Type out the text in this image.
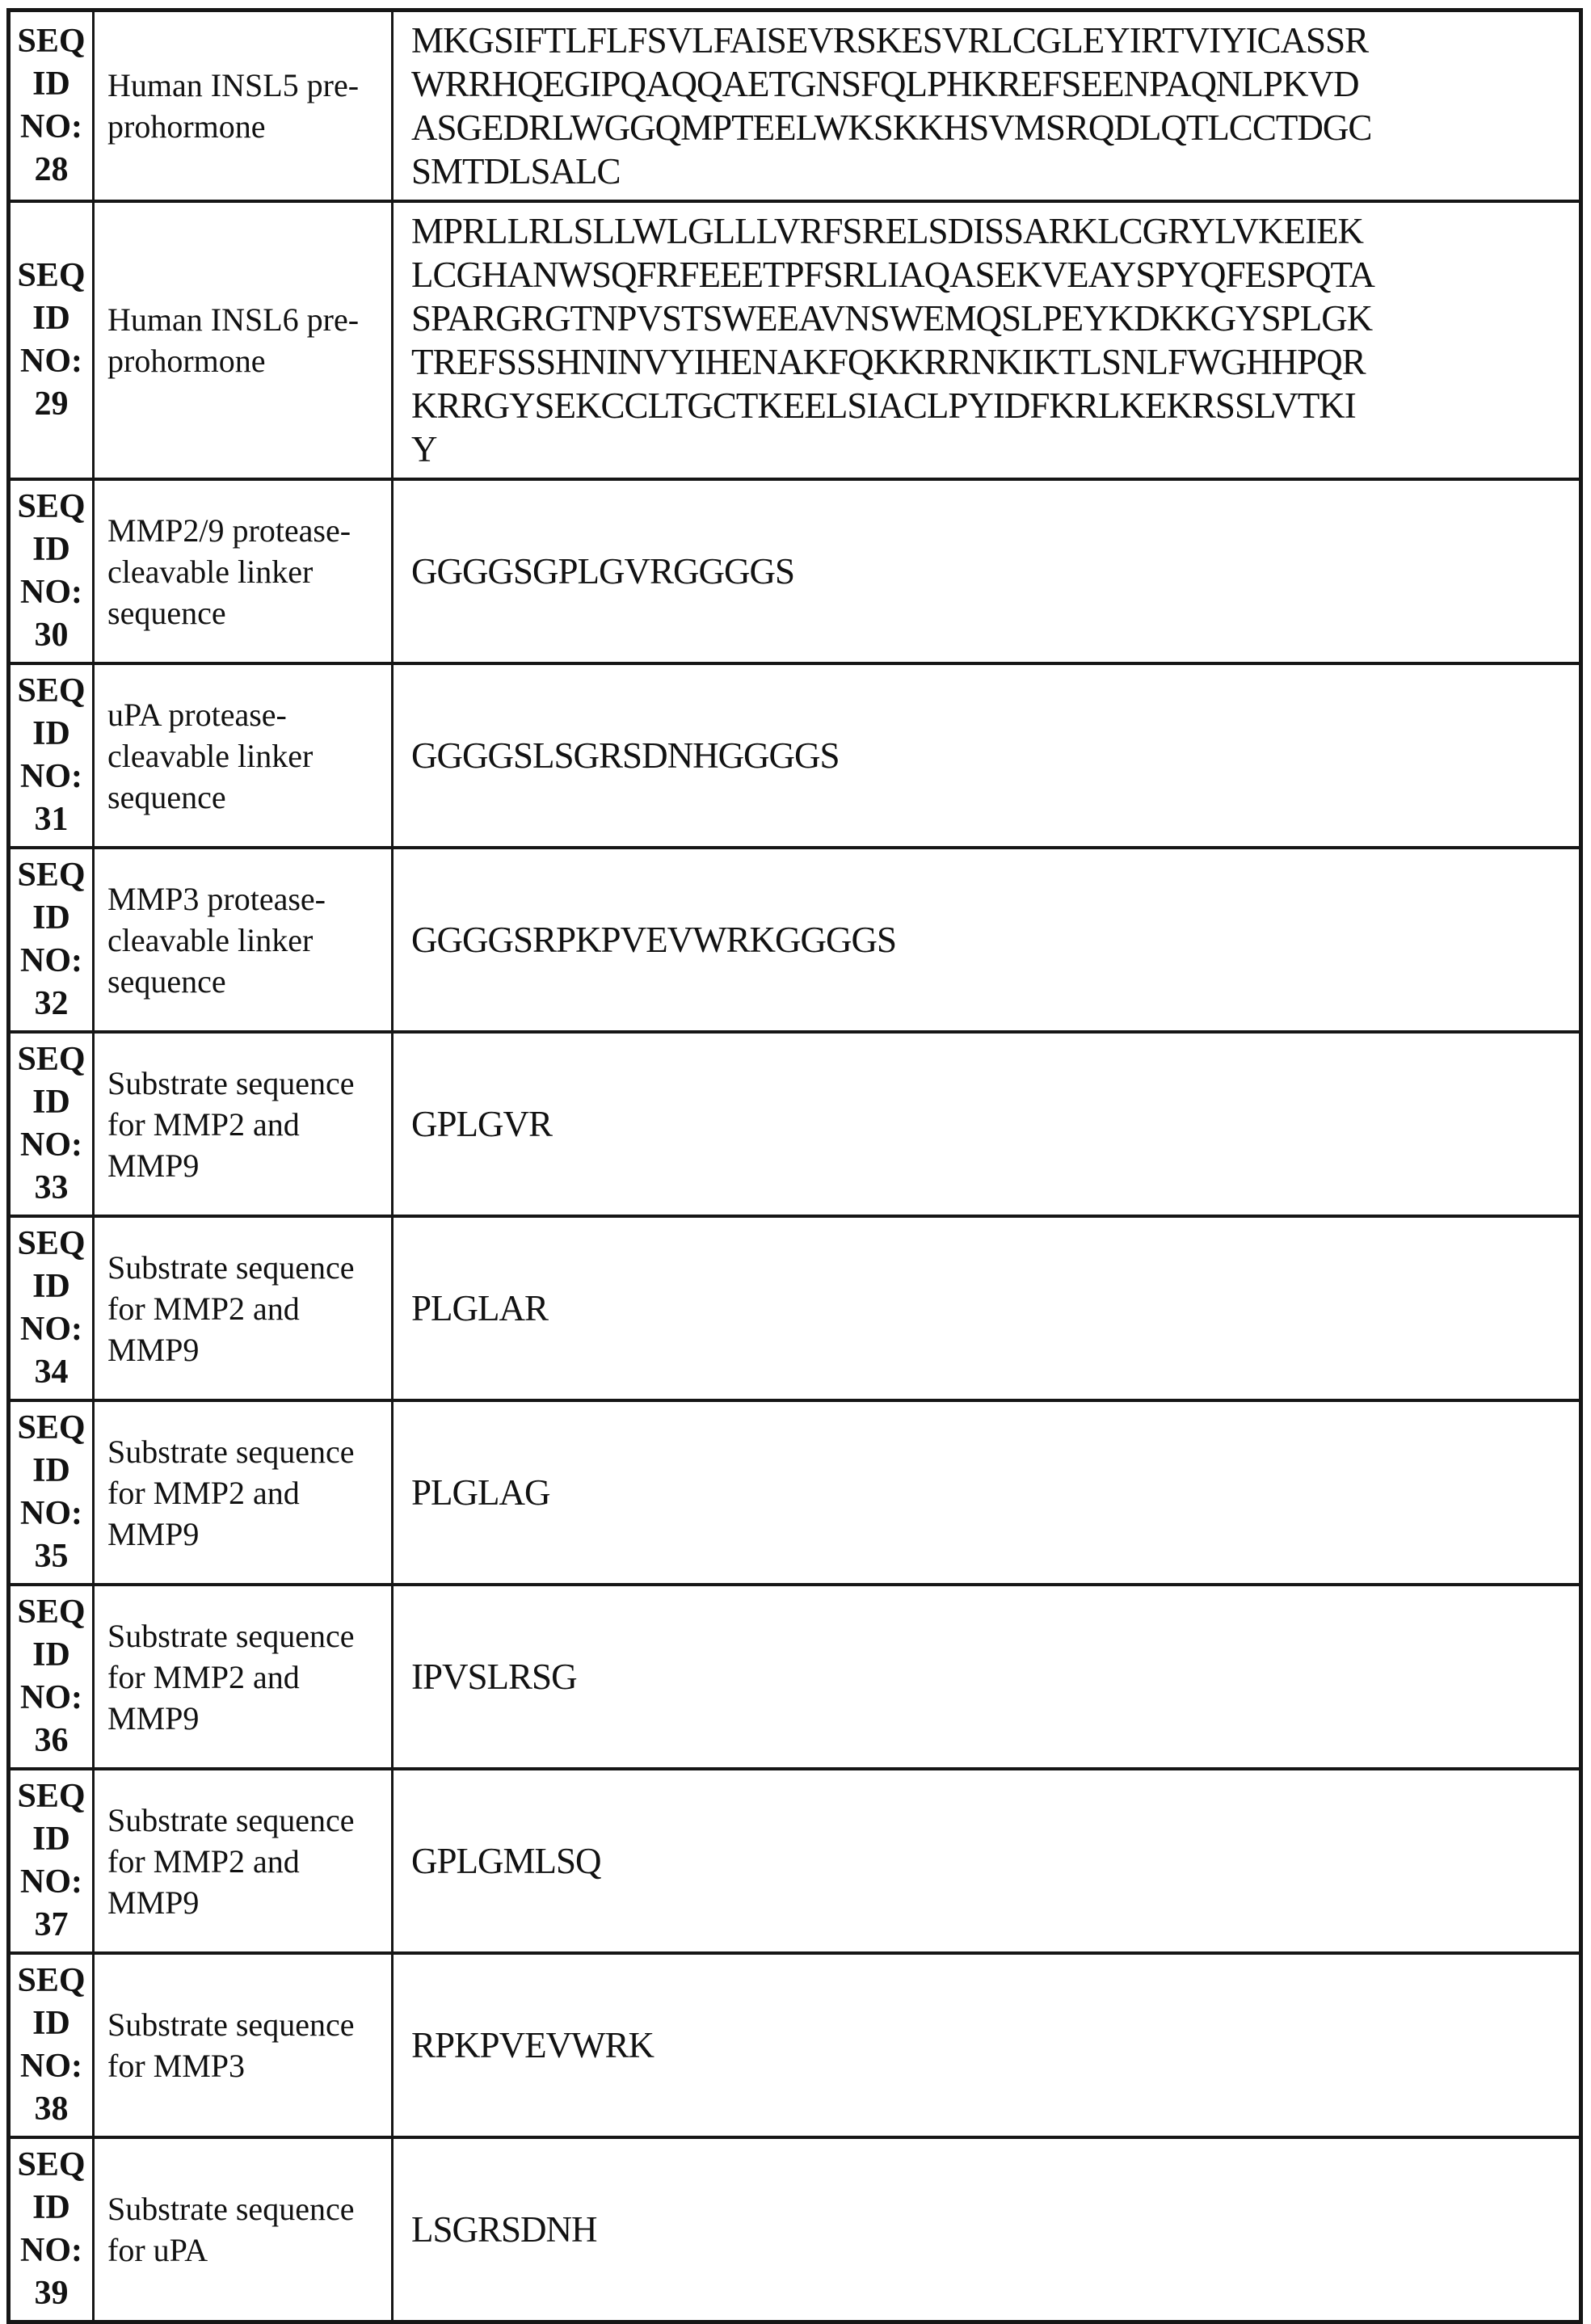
SEQ
ID
NO:
28
Human INSL5 pre-prohormone
MKGSIFTLFLFSVLFAISEVRSKESVRLCGLEYIRTVIYICASSR
WRRHQEGIPQAQQAETGNSFQLPHKREFSEENPAQNLPKVD
ASGEDRLWGGQMPTEELWKSKKHSVMSRQDLQTLCCTDGC
SMTDLSALC
SEQ
ID
NO:
29
Human INSL6 pre-prohormone
MPRLLRLSLLWLGLLLVRFSRELSDISSARKLCGRYLVKEIEK
LCGHANWSQFRFEEETPFSRLIAQASEKVEAYSPYQFESPQTA
SPARGRGTNPVSTSWEEAVNSWEMQSLPEYKDKKGYSPLGK
TREFSSSHNINVYIHENAKFQKKRRNKIKTLSNLFWGHHPQR
KRRGYSEKCCLTGCTKEELSIACLPYIDFKRLKEKRSSLVTKI
Y
SEQ
ID
NO:
30
MMP2/9 protease-cleavable linker sequence
GGGGSGPLGVRGGGGS
SEQ
ID
NO:
31
uPA protease-cleavable linker sequence
GGGGSLSGRSDNHGGGGS
SEQ
ID
NO:
32
MMP3 protease-cleavable linker sequence
GGGGSRPKPVEVWRKGGGGS
SEQ
ID
NO:
33
Substrate sequence for MMP2 and MMP9
GPLGVR
SEQ
ID
NO:
34
Substrate sequence for MMP2 and MMP9
PLGLAR
SEQ
ID
NO:
35
Substrate sequence for MMP2 and MMP9
PLGLAG
SEQ
ID
NO:
36
Substrate sequence for MMP2 and MMP9
IPVSLRSG
SEQ
ID
NO:
37
Substrate sequence for MMP2 and MMP9
GPLGMLSQ
SEQ
ID
NO:
38
Substrate sequence for MMP3
RPKPVEVWRK
SEQ
ID
NO:
39
Substrate sequence for uPA
LSGRSDNH
